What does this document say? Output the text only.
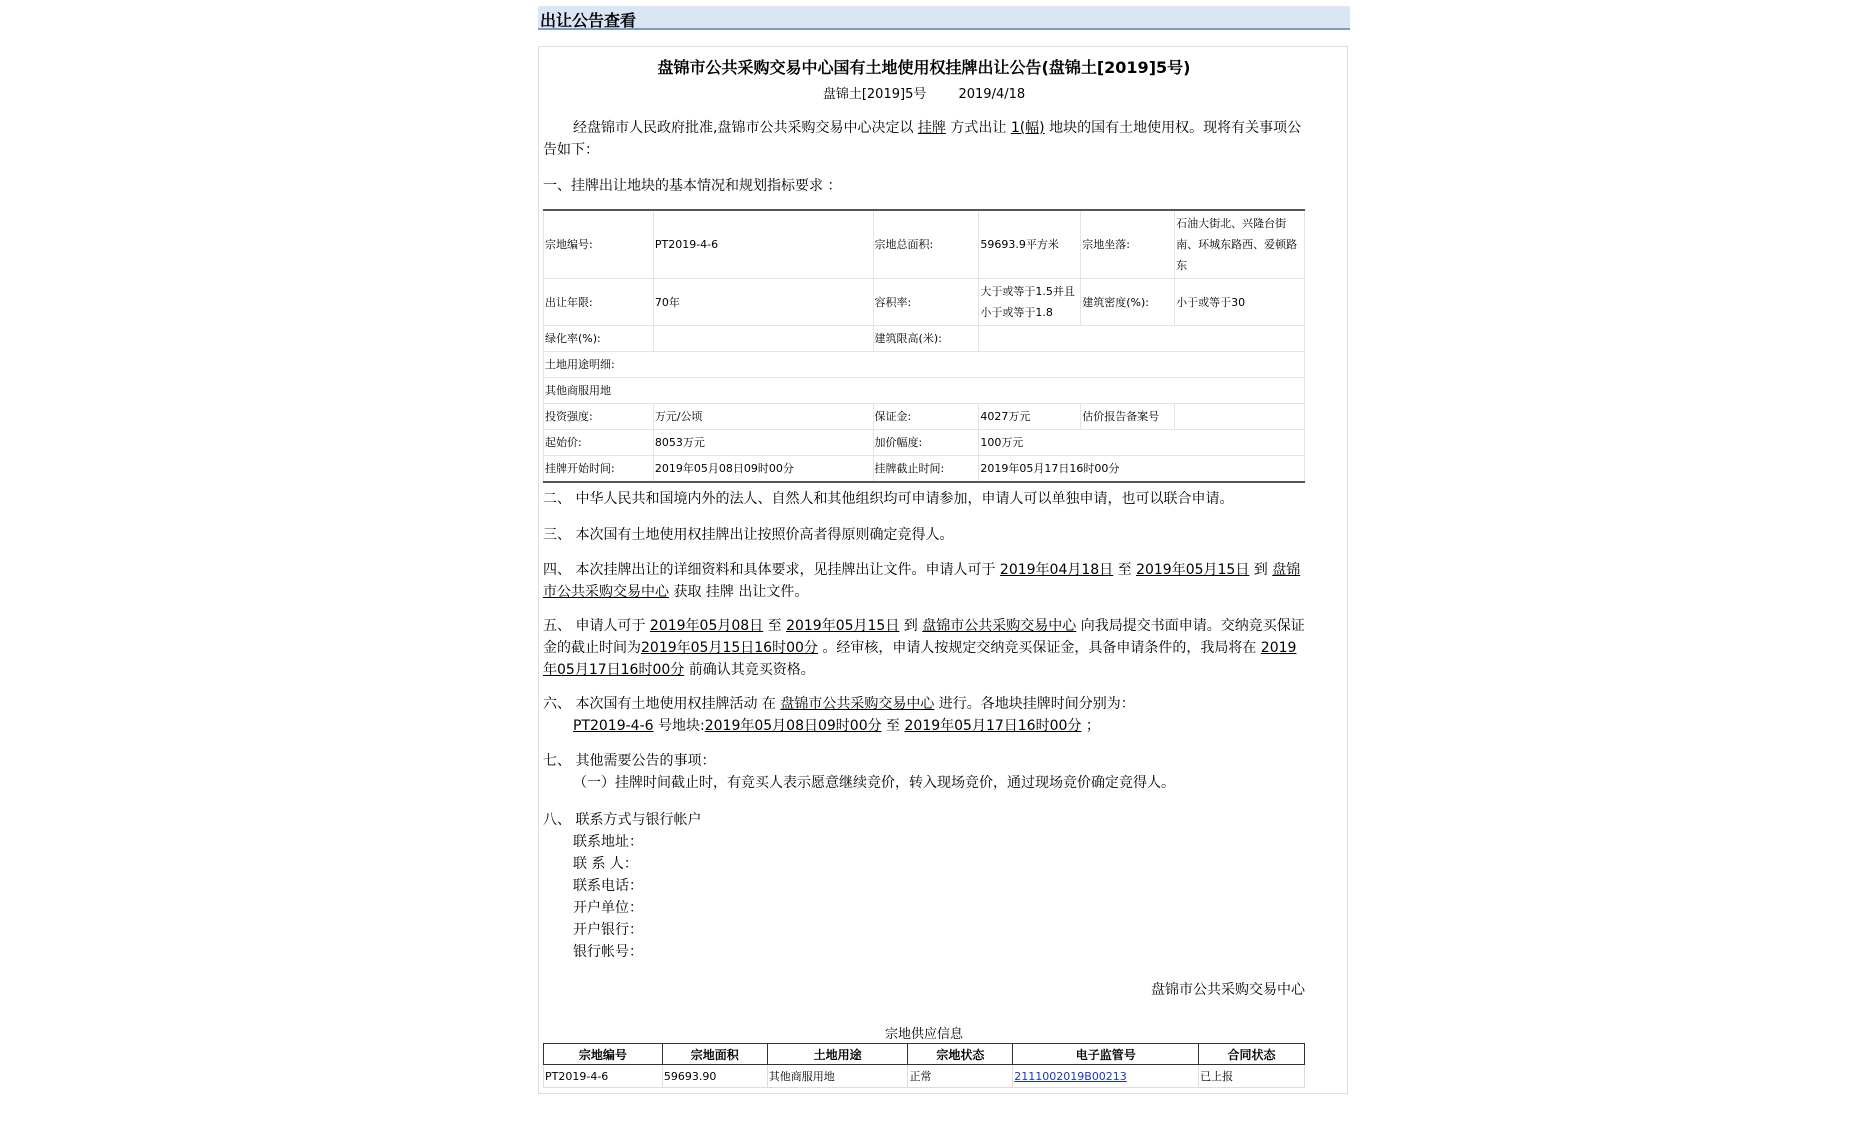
出让公告查看
盘锦市公共采购交易中心国有土地使用权挂牌出让公告(盘锦土[2019]5号)
盘锦土[2019]5号 2019/4/18
经盘锦市人民政府批准,盘锦市公共采购交易中心决定以 挂牌 方式出让 1(幅) 地块的国有土地使用权。现将有关事项公告如下：
一、挂牌出让地块的基本情况和规划指标要求 ：
宗地编号:	PT2019-4-6	宗地总面积:	59693.9平方米	宗地坐落:	石油大街北、兴隆台街南、环城东路西、爱顿路东
出让年限:	70年	容积率:	大于或等于1.5并且小于或等于1.8	建筑密度(%):	小于或等于30
绿化率(%):		建筑限高(米):			
土地用途明细:					
其他商服用地					
投资强度:	万元/公顷	保证金:	4027万元	估价报告备案号	
起始价:	8053万元	加价幅度:	100万元		
挂牌开始时间:	2019年05月08日09时00分	挂牌截止时间:	2019年05月17日16时00分		
二、 中华人民共和国境内外的法人、自然人和其他组织均可申请参加，申请人可以单独申请，也可以联合申请。
三、 本次国有土地使用权挂牌出让按照价高者得原则确定竞得人。
四、 本次挂牌出让的详细资料和具体要求，见挂牌出让文件。申请人可于 2019年04月18日 至 2019年05月15日 到 盘锦市公共采购交易中心 获取 挂牌 出让文件。
五、 申请人可于 2019年05月08日 至 2019年05月15日 到 盘锦市公共采购交易中心 向我局提交书面申请。交纳竞买保证金的截止时间为2019年05月15日16时00分 。经审核，申请人按规定交纳竞买保证金，具备申请条件的，我局将在 2019年05月17日16时00分 前确认其竞买资格。
六、 本次国有土地使用权挂牌活动 在 盘锦市公共采购交易中心 进行。各地块挂牌时间分别为：
PT2019-4-6 号地块:2019年05月08日09时00分 至 2019年05月17日16时00分 ；
七、 其他需要公告的事项：
（一）挂牌时间截止时，有竞买人表示愿意继续竞价，转入现场竞价，通过现场竞价确定竞得人。
八、 联系方式与银行帐户
联系地址：
联 系 人：
联系电话：
开户单位：
开户银行：
银行帐号：
盘锦市公共采购交易中心
宗地供应信息
宗地编号	宗地面积	土地用途	宗地状态	电子监管号	合同状态
PT2019-4-6	59693.90	其他商服用地	正常	2111002019B00213	已上报
